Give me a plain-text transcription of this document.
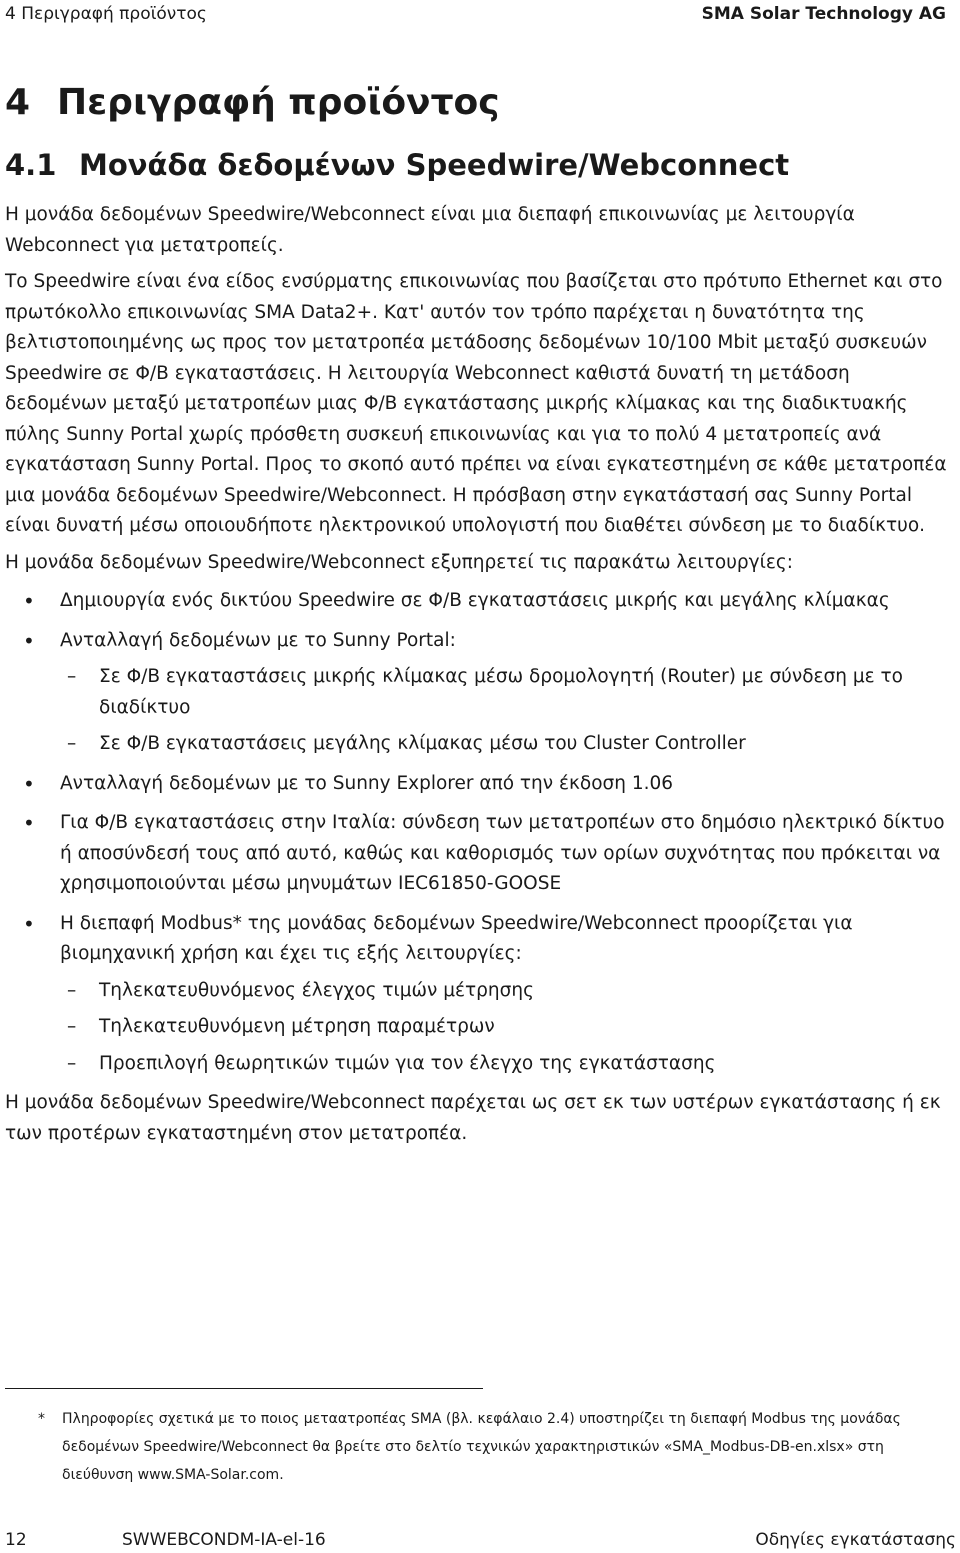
4 Περιγραφή προϊόντος	SMA Solar Technology AG
4 Περιγραφή προϊόντος
4.1 Μονάδα δεδομένων Speedwire/Webconnect

Η μονάδα δεδομένων Speedwire/Webconnect είναι μια διεπαφή επικοινωνίας με λειτουργία Webconnect για μετατροπείς.

Το Speedwire είναι ένα είδος ενσύρματης επικοινωνίας που βασίζεται στο πρότυπο Ethernet και στο πρωτόκολλο επικοινωνίας SMA Data2+. Κατ' αυτόν τον τρόπο παρέχεται η δυνατότητα της βελτιστοποιημένης ως προς τον μετατροπέα μετάδοσης δεδομένων 10/100 Mbit μεταξύ συσκευών Speedwire σε Φ/Β εγκαταστάσεις. Η λειτουργία Webconnect καθιστά δυνατή τη μετάδοση δεδομένων μεταξύ μετατροπέων μιας Φ/Β εγκατάστασης μικρής κλίμακας και της διαδικτυακής πύλης Sunny Portal χωρίς πρόσθετη συσκευή επικοινωνίας και για το πολύ 4 μετατροπείς ανά εγκατάσταση Sunny Portal. Προς το σκοπό αυτό πρέπει να είναι εγκατεστημένη σε κάθε μετατροπέα μια μονάδα δεδομένων Speedwire/Webconnect. Η πρόσβαση στην εγκατάστασή σας Sunny Portal είναι δυνατή μέσω οποιουδήποτε ηλεκτρονικού υπολογιστή που διαθέτει σύνδεση με το διαδίκτυο.

Η μονάδα δεδομένων Speedwire/Webconnect εξυπηρετεί τις παρακάτω λειτουργίες:

• Δημιουργία ενός δικτύου Speedwire σε Φ/Β εγκαταστάσεις μικρής και μεγάλης κλίμακας
• Ανταλλαγή δεδομένων με το Sunny Portal:
– Σε Φ/Β εγκαταστάσεις μικρής κλίμακας μέσω δρομολογητή (Router) με σύνδεση με το διαδίκτυο
– Σε Φ/Β εγκαταστάσεις μεγάλης κλίμακας μέσω του Cluster Controller
• Ανταλλαγή δεδομένων με το Sunny Explorer από την έκδοση 1.06
• Για Φ/Β εγκαταστάσεις στην Ιταλία: σύνδεση των μετατροπέων στο δημόσιο ηλεκτρικό δίκτυο ή αποσύνδεσή τους από αυτό, καθώς και καθορισμός των ορίων συχνότητας που πρόκειται να χρησιμοποιούνται μέσω μηνυμάτων IEC61850-GOOSE
• Η διεπαφή Modbus* της μονάδας δεδομένων Speedwire/Webconnect προορίζεται για βιομηχανική χρήση και έχει τις εξής λειτουργίες:
– Τηλεκατευθυνόμενος έλεγχος τιμών μέτρησης
– Τηλεκατευθυνόμενη μέτρηση παραμέτρων
– Προεπιλογή θεωρητικών τιμών για τον έλεγχο της εγκατάστασης

Η μονάδα δεδομένων Speedwire/Webconnect παρέχεται ως σετ εκ των υστέρων εγκατάστασης ή εκ των προτέρων εγκαταστημένη στον μετατροπέα.

* Πληροφορίες σχετικά με το ποιος μεταατροπέας SMA (βλ. κεφάλαιο 2.4) υποστηρίζει τη διεπαφή Modbus της μονάδας δεδομένων Speedwire/Webconnect θα βρείτε στο δελτίο τεχνικών χαρακτηριστικών «SMA_Modbus-DB-en.xlsx» στη διεύθυνση www.SMA-Solar.com.
12	SWWEBCONDM-IA-el-16	Οδηγίες εγκατάστασης
